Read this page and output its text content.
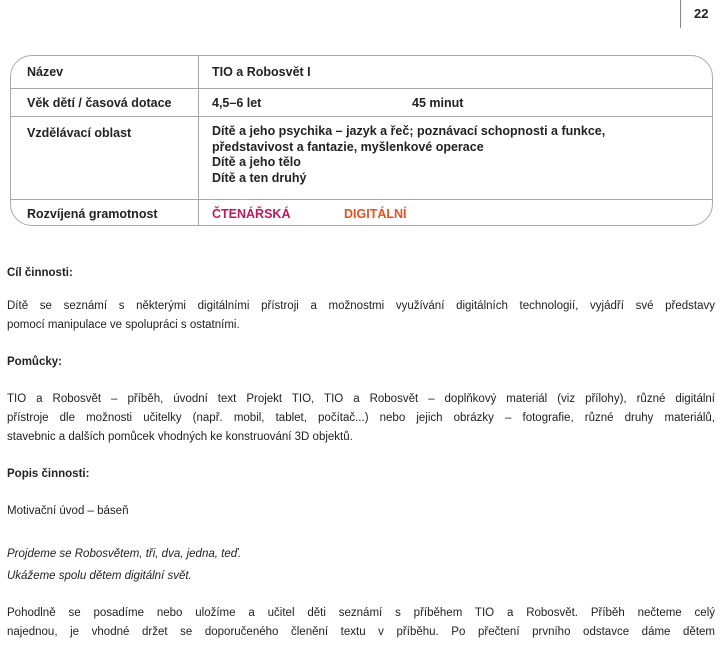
22
Název	TIO a Robosvět I
Věk dětí / časová dotace	4,5–6 let	45 minut
Vzdělávací oblast	Dítě a jeho psychika – jazyk a řeč; poznávací schopnosti a funkce,
představivost a fantazie, myšlenkové operace
Dítě a jeho tělo
Dítě a ten druhý
Rozvíjená gramotnost	ČTENÁŘSKÁ	DIGITÁLNÍ

Cíl činnosti:

Dítě se seznámí s některými digitálními přístroji a možnostmi využívání digitálních technologií, vyjádří své představy

pomocí manipulace ve spolupráci s ostatními.

Pomůcky:

TIO a Robosvět – příběh, úvodní text Projekt TIO, TIO a Robosvět – doplňkový materiál (viz přílohy), různé digitální

přístroje dle možnosti učitelky (např. mobil, tablet, počítač...) nebo jejich obrázky – fotografie, různé druhy materiálů,

stavebnic a dalších pomůcek vhodných ke konstruování 3D objektů.

Popis činnosti:

Motivační úvod – báseň

Projdeme se Robosvětem, tři, dva, jedna, teď.

Ukážeme spolu dětem digitální svět.

Pohodlně se posadíme nebo uložíme a učitel děti seznámí s příběhem TIO a Robosvět. Příběh nečteme celý

najednou, je vhodné držet se doporučeného členění textu v příběhu. Po přečtení prvního odstavce dáme dětem
